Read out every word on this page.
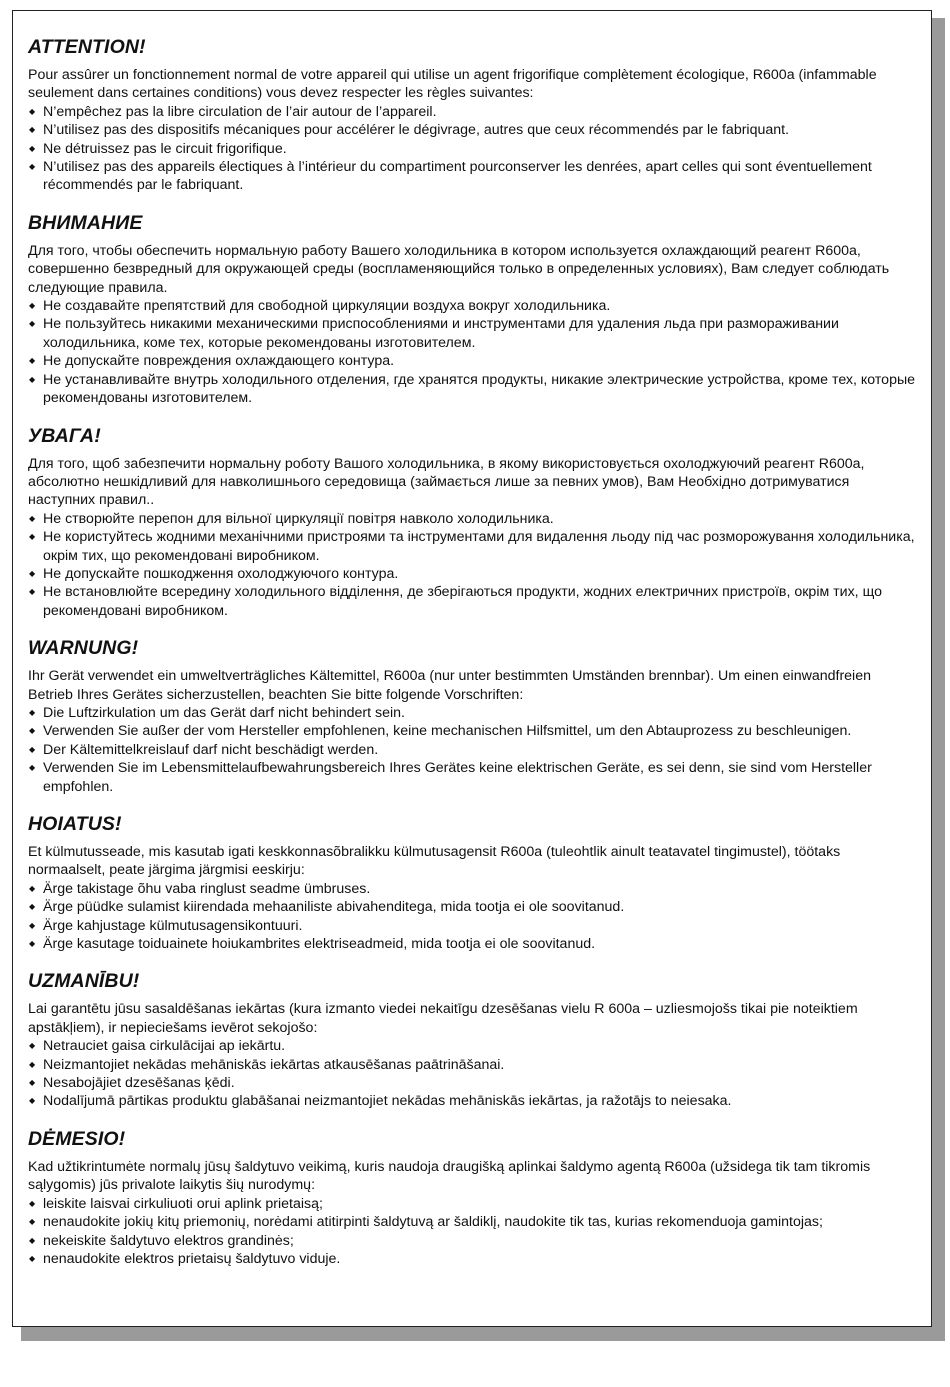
ATTENTION!

Pour assûrer un fonctionnement normal de votre appareil qui utilise un agent frigorifique complètement écologique, R600a (infammable seulement dans certaines conditions) vous devez respecter les règles suivantes:

◆ N’empêchez pas la libre circulation de l’air autour de l’appareil.
◆ N’utilisez pas des dispositifs mécaniques pour accélérer le dégivrage, autres que ceux récommendés par le fabriquant.
◆ Ne détruissez pas le circuit frigorifique.
◆ N’utilisez pas des appareils électiques à l’intérieur du compartiment pourconserver les denrées, apart celles qui sont éventuellement récommendés par le fabriquant.
ВНИМАНИЕ

Для того, чтобы обеспечить нормальную работу Вашего холодильника в котором используется охлаждающий реагент R600a, совершенно безвредный для окружающей среды (воспламеняющийся только в определенных условиях), Вам следует соблюдать следующие правила.

◆ Не создавайте препятствий для свободной циркуляции воздуха вокруг холодильника.
◆ Не пользуйтесь никакими механическими приспособлениями и инструментами для удаления льда при размораживании холодильника, коме тех, которые рекомендованы изготовителем.
◆ Не допускайте повреждения охлаждающего контура.
◆ Не устанавливайте внутрь холодильного отделения, где хранятся продукты, никакие электрические устройства, кроме тех, которые рекомендованы изготовителем.
УВАГА!

Для того, щоб забезпечити нормальну роботу Вашого холодильника, в якому використовується охолоджуючий реагент R600a, абсолютно нешкідливий для навколишнього середовища (займається лише за певних умов), Вам Необхідно дотримуватися наступних правил..

◆ Не створюйте перепон для вільної циркуляції повітря навколо холодильника.
◆ Не користуйтесь жодними механічними пристроями та інструментами для видалення льоду під час розморожування холодильника, окрім тих, що рекомендовані виробником.
◆ Не допускайте пошкодження охолоджуючого контура.
◆ Не встановлюйте всередину холодильного відділення, де зберігаються продукти, жодних електричних пристроїв, окрім тих, що рекомендовані виробником.
WARNUNG!

Ihr Gerät verwendet ein umweltverträgliches Kältemittel, R600a (nur unter bestimmten Umständen brennbar). Um einen einwandfreien Betrieb Ihres Gerätes sicherzustellen, beachten Sie bitte folgende Vorschriften:

◆ Die Luftzirkulation um das Gerät darf nicht behindert sein.
◆ Verwenden Sie außer der vom Hersteller empfohlenen, keine mechanischen Hilfsmittel, um den Abtauprozess zu beschleunigen.
◆ Der Kältemittelkreislauf darf nicht beschädigt werden.
◆ Verwenden Sie im Lebensmittelaufbewahrungsbereich Ihres Gerätes keine elektrischen Geräte, es sei denn, sie sind vom Hersteller empfohlen.
HOIATUS!

Et külmutusseade, mis kasutab igati keskkonnasõbralikku külmutusagensit R600a (tuleohtlik ainult teatavatel tingimustel), töötaks normaalselt, peate järgima järgmisi eeskirju:

◆ Ärge takistage õhu vaba ringlust seadme ümbruses.
◆ Ärge püüdke sulamist kiirendada mehaaniliste abivahenditega, mida tootja ei ole soovitanud.
◆ Ärge kahjustage külmutusagensikontuuri.
◆ Ärge kasutage toiduainete hoiukambrites elektriseadmeid, mida tootja ei ole soovitanud.
UZMANĪBU!

Lai garantētu jūsu sasaldēšanas iekārtas (kura izmanto viedei nekaitīgu dzesēšanas vielu R 600a – uzliesmojošs tikai pie noteiktiem apstākļiem), ir nepieciešams ievērot sekojošo:

◆ Netrauciet gaisa cirkulācijai ap iekārtu.
◆ Neizmantojiet nekādas mehāniskās iekārtas atkausēšanas paātrināšanai.
◆ Nesabojājiet dzesēšanas ķēdi.
◆ Nodalījumā pārtikas produktu glabāšanai neizmantojiet nekādas mehāniskās iekārtas, ja ražotājs to neiesaka.
DĖMESIO!

Kad užtikrintumėte normalų jūsų šaldytuvo veikimą, kuris naudoja draugišką aplinkai šaldymo agentą R600a (užsidega tik tam tikromis sąlygomis) jūs privalote laikytis šių nurodymų:

◆ leiskite laisvai cirkuliuoti orui aplink prietaisą;
◆ nenaudokite jokių kitų priemonių, norėdami atitirpinti šaldytuvą ar šaldiklį, naudokite tik tas, kurias rekomenduoja gamintojas;
◆ nekeiskite šaldytuvo elektros grandinės;
◆ nenaudokite elektros prietaisų šaldytuvo viduje.
